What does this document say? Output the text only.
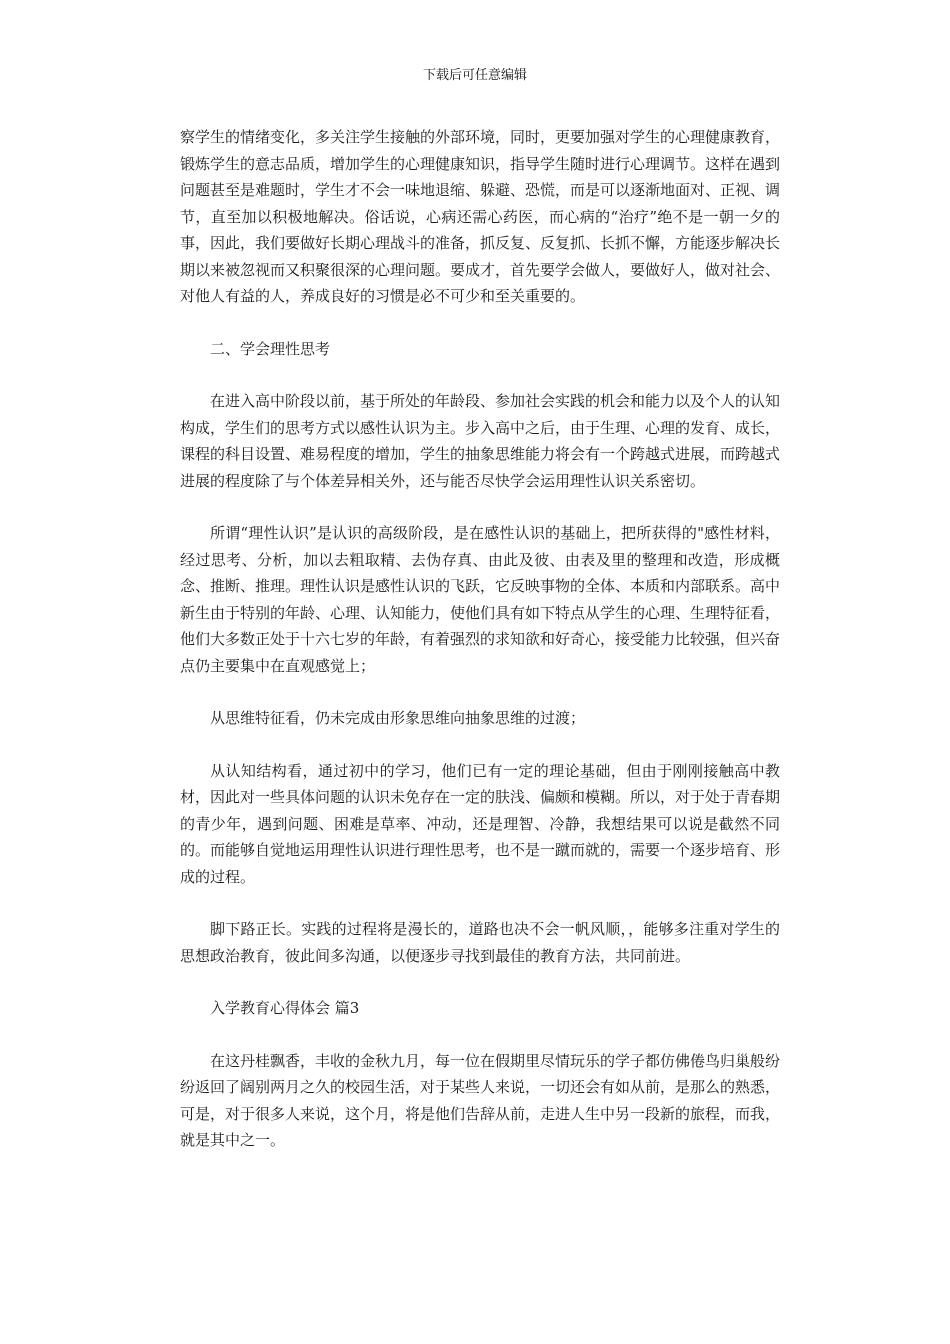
下载后可任意编辑

察学生的情绪变化，多关注学生接触的外部环境，同时，更要加强对学生的心理健康教育，锻炼学生的意志品质，增加学生的心理健康知识，指导学生随时进行心理调节。这样在遇到问题甚至是难题时，学生才不会一味地退缩、躲避、恐慌，而是可以逐渐地面对、正视、调节，直至加以积极地解决。俗话说，心病还需心药医，而心病的“治疗”绝不是一朝一夕的事，因此，我们要做好长期心理战斗的准备，抓反复、反复抓、长抓不懈，方能逐步解决长期以来被忽视而又积聚很深的心理问题。要成才，首先要学会做人，要做好人，做对社会、对他人有益的人，养成良好的习惯是必不可少和至关重要的。

二、学会理性思考

在进入高中阶段以前，基于所处的年龄段、参加社会实践的机会和能力以及个人的认知构成，学生们的思考方式以感性认识为主。步入高中之后，由于生理、心理的发育、成长，课程的科目设置、难易程度的增加，学生的抽象思维能力将会有一个跨越式进展，而跨越式进展的程度除了与个体差异相关外，还与能否尽快学会运用理性认识关系密切。

所谓“理性认识”是认识的高级阶段，是在感性认识的基础上，把所获得的"感性材料，经过思考、分析，加以去粗取精、去伪存真、由此及彼、由表及里的整理和改造，形成概念、推断、推理。理性认识是感性认识的飞跃，它反映事物的全体、本质和内部联系。高中新生由于特别的年龄、心理、认知能力，使他们具有如下特点从学生的心理、生理特征看，他们大多数正处于十六七岁的年龄，有着强烈的求知欲和好奇心，接受能力比较强，但兴奋点仍主要集中在直观感觉上；

从思维特征看，仍未完成由形象思维向抽象思维的过渡；

从认知结构看，通过初中的学习，他们已有一定的理论基础，但由于刚刚接触高中教材，因此对一些具体问题的认识未免存在一定的肤浅、偏颇和模糊。所以，对于处于青春期的青少年，遇到问题、困难是草率、冲动，还是理智、冷静，我想结果可以说是截然不同的。而能够自觉地运用理性认识进行理性思考，也不是一蹴而就的，需要一个逐步培育、形成的过程。

脚下路正长。实践的过程将是漫长的，道路也决不会一帆风顺，，能够多注重对学生的思想政治教育，彼此间多沟通，以便逐步寻找到最佳的教育方法，共同前进。

入学教育心得体会 篇3

在这丹桂飘香，丰收的金秋九月，每一位在假期里尽情玩乐的学子都仿佛倦鸟归巢般纷纷返回了阔别两月之久的校园生活，对于某些人来说，一切还会有如从前，是那么的熟悉，可是，对于很多人来说，这个月，将是他们告辞从前，走进人生中另一段新的旅程，而我，就是其中之一。
